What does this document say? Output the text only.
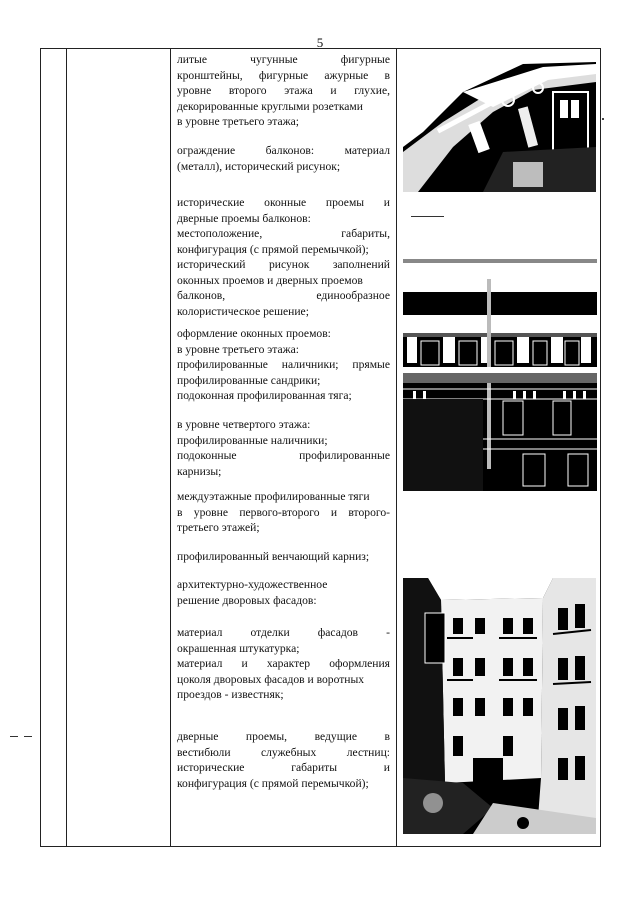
5
литые чугунные фигурные
кронштейны, фигурные ажурные в
уровне второго этажа и глухие,
декорированные круглыми розетками
в уровне третьего этажа;
ограждение балконов: материал
(металл), исторический рисунок;
исторические оконные проемы и
дверные проемы балконов:
местоположение, габариты,
конфигурация (с прямой перемычкой);
исторический рисунок заполнений
оконных проемов и дверных проемов
балконов, единообразное
колористическое решение;
оформление оконных проемов:
в уровне третьего этажа:
профилированные наличники; прямые
профилированные сандрики;
подоконная профилированная тяга;
в уровне четвертого этажа:
профилированные наличники;
подоконные профилированные
карнизы;
междуэтажные профилированные тяги
в уровне первого-второго и второго-
третьего этажей;
профилированный венчающий карниз;
архитектурно-художественное
решение дворовых фасадов:
материал отделки фасадов -
окрашенная штукатурка;
материал и характер оформления
цоколя дворовых фасадов и воротных
проездов - известняк;
дверные проемы, ведущие в
вестибюли служебных лестниц:
исторические габариты и
конфигурация (с прямой перемычкой);
